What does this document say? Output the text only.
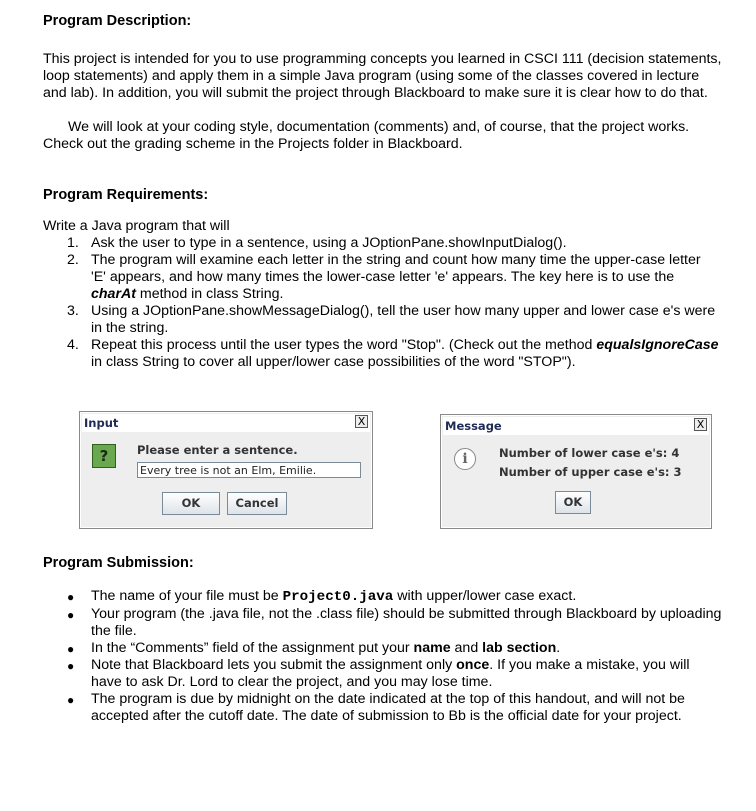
Program Description:
This project is intended for you to use programming concepts you learned in CSCI 111 (decision statements, loop statements) and apply them in a simple Java program (using some of the classes covered in lecture and lab). In addition, you will submit the project through Blackboard to make sure it is clear how to do that.
We will look at your coding style, documentation (comments) and, of course, that the project works. Check out the grading scheme in the Projects folder in Blackboard.
Program Requirements:
Write a Java program that will
1. Ask the user to type in a sentence, using a JOptionPane.showInputDialog().
2. The program will examine each letter in the string and count how many time the upper-case letter 'E' appears, and how many times the lower-case letter 'e' appears. The key here is to use the charAt method in class String.
3. Using a JOptionPane.showMessageDialog(), tell the user how many upper and lower case e's were in the string.
4. Repeat this process until the user types the word "Stop". (Check out the method equalsIgnoreCase in class String to cover all upper/lower case possibilities of the word "STOP").
Input	X
?	Please enter a sentence.
Every tree is not an Elm, Emilie.
OK	Cancel
Message	X
i	Number of lower case e's: 4
Number of upper case e's: 3
OK
Program Submission:
● The name of your file must be Project0.java with upper/lower case exact.
● Your program (the .java file, not the .class file) should be submitted through Blackboard by uploading the file.
● In the “Comments” field of the assignment put your name and lab section.
● Note that Blackboard lets you submit the assignment only once. If you make a mistake, you will have to ask Dr. Lord to clear the project, and you may lose time.
● The program is due by midnight on the date indicated at the top of this handout, and will not be accepted after the cutoff date. The date of submission to Bb is the official date for your project.
